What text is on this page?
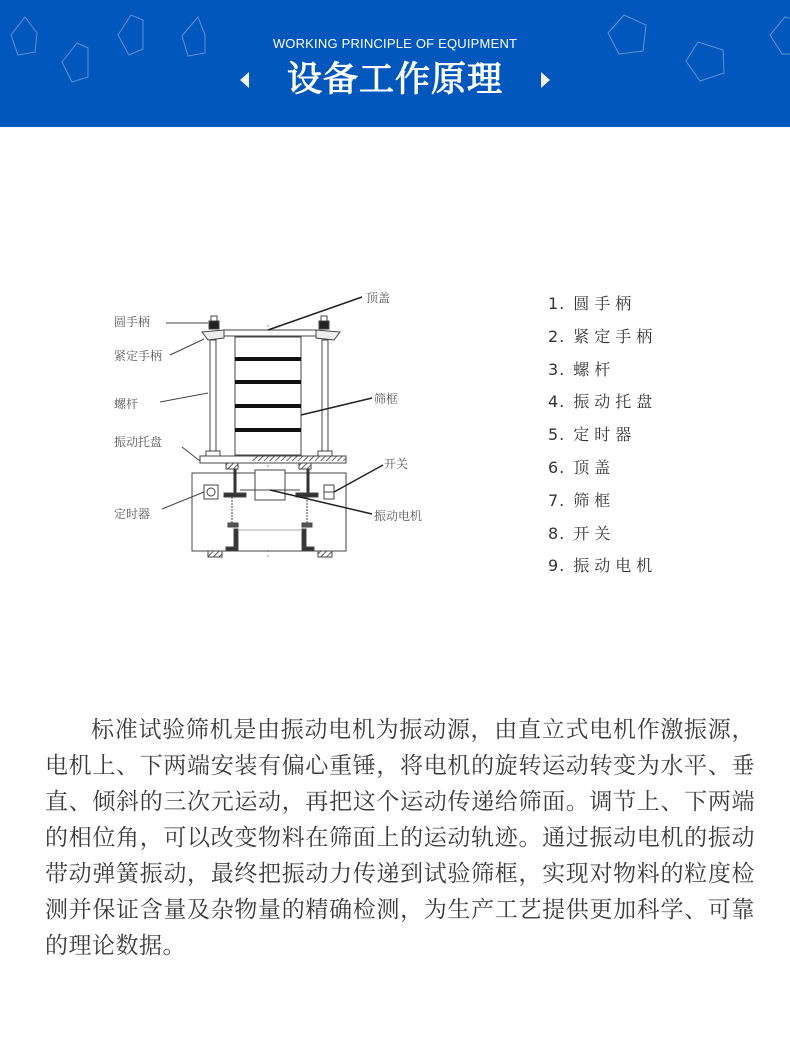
WORKING PRINCIPLE OF EQUIPMENT
设备工作原理
圆手柄
紧定手柄
螺杆
振动托盘
定时器
顶盖
筛框
开关
振动电机
1. 圆手柄
2. 紧定手柄
3. 螺杆
4. 振动托盘
5. 定时器
6. 顶盖
7. 筛框
8. 开关
9. 振动电机

标准试验筛机是由振动电机为振动源，由直立式电机作激振源，电机上、下两端安装有偏心重锤，将电机的旋转运动转变为水平、垂直、倾斜的三次元运动，再把这个运动传递给筛面。调节上、下两端的相位角，可以改变物料在筛面上的运动轨迹。通过振动电机的振动带动弹簧振动，最终把振动力传递到试验筛框，实现对物料的粒度检测并保证含量及杂物量的精确检测，为生产工艺提供更加科学、可靠的理论数据。
